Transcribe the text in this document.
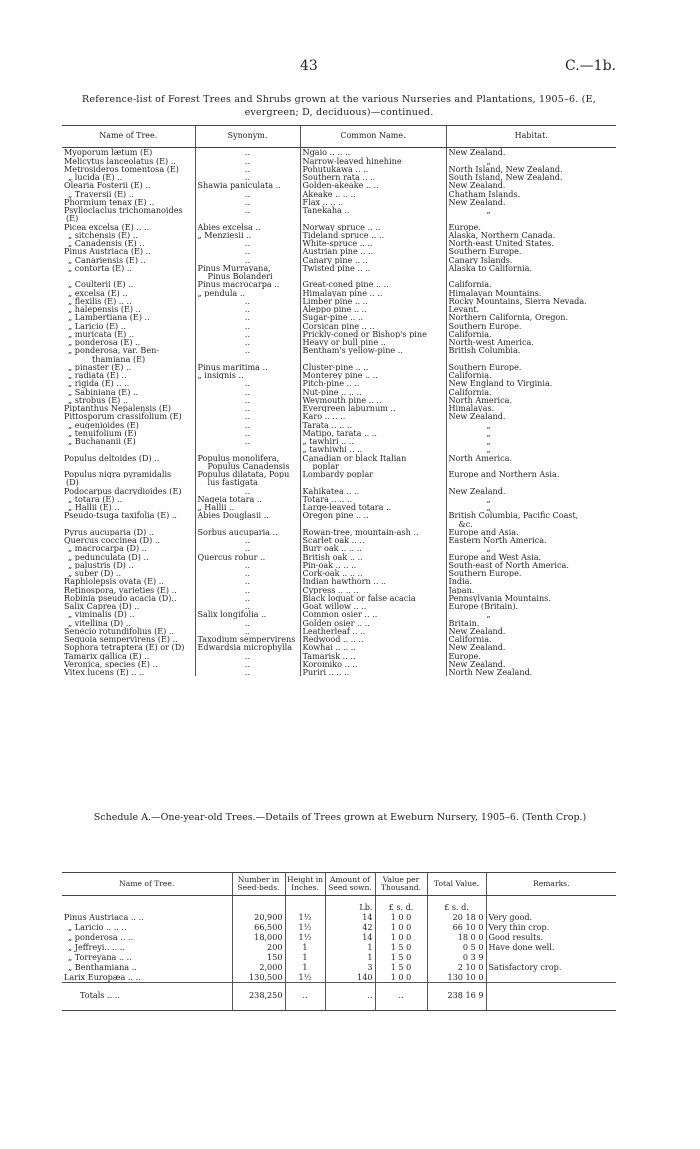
43	C.—1b.
Reference-list of Forest Trees and Shrubs grown at the various Nurseries and Plantations, 1905–6. (E, evergreen; D, deciduous)—continued.
Name of Tree.	Synonym.	Common Name.	Habitat.

Myoporum lætum (E)	..	Ngaio .. .. ..	New Zealand.
Melicytus lanceolatus (E) ..	..	Narrow-leaved hinehine	„
Metrosideros tomentosa (E)	..	Pohutukawa .. ..	North Island, New Zealand.
„ lucida (E) ..	..	Southern rata .. ..	South Island, New Zealand.
Olearia Fosterii (E) ..	Shawia paniculata ..	Golden-akeake .. ..	New Zealand.
„ Traversii (E) ..	..	Akeake .. .. ..	Chatham Islands.
Phormium tenax (E) ..	..	Flax .. .. ..	New Zealand.
Psylloclaclus trichomanoides	..	Tanekaha ..	„
(E)			
Picea excelsa (E) .. ..	Abies excelsa ..	Norway spruce .. ..	Europe.
„ sitchensis (E) ..	„ Menziesii ..	Tideland spruce .. ..	Alaska, Northern Canada.
„ Canadensis (E) ..	..	White-spruce .. ..	North-east United States.
Pinus Austriaca (E) ..	..	Austrian pine .. ..	Southern Europe.
„ Canariensis (E) ..	..	Canary pine .. ..	Canary Islands.
„ contorta (E) ..	Pinus Murrayana,	Twisted pine .. ..	Alaska to California.
	Pinus Bolanderi		
„ Coulterii (E) ..	Pinus macrocarpa ..	Great-coned pine .. ..	California.
„ excelsa (E) ..	„ pendula ..	Himalayan pine .. ..	Himalayan Mountains.
„ flexilis (E) .. ..	..	Limber pine .. ..	Rocky Mountains, Sierra Nevada.
„ halepensis (E) ..	..	Aleppo pine .. ..	Levant.
„ Lambertiana (E) ..	..	Sugar-pine .. ..	Northern California, Oregon.
„ Laricio (E) ..	..	Corsican pine .. ..	Southern Europe.
„ muricata (E) ..	..	Prickly-coned or Bishop's pine	California.
„ ponderosa (E) ..	..	Heavy or bull pine ..	North-west America.
„ ponderosa, var. Ben-	..	Bentham's yellow-pine ..	British Columbia.
thamiana (E)			
„ pinaster (E) ..	Pinus maritima ..	Cluster-pine .. ..	Southern Europe.
„ radiata (E) ..	„ insignis ..	Monterey pine .. ..	California.
„ rigida (E) .. ..	..	Pitch-pine .. ..	New England to Virginia.
„ Sabiniana (E) ..	..	Nut-pine .. .. ..	California.
„ strobus (E) ..	..	Weymouth pine .. ..	North America.
Piptanthus Nepalensis (E)	..	Evergreen laburnum ..	Himalayas.
Pittosporum crassifolium (E)	..	Karo .. .. ..	New Zealand.
„ eugenioides (E)	..	Tarata .. .. ..	„
„ tenuifolium (E)	..	Matipo, tarata .. ..	„
„ Buchananii (E)	..	„ tawhiri .. ..	„
		„ tawhiwhi .. ..	„
Populus deltoides (D) ..	Populus monolifera,	Canadian or black Italian	North America.
	Populus Canadensis	poplar	
Populus nigra pyramidalis	Populus dilatata, Popu	Lombardy poplar	Europe and Northern Asia.
(D)	lus fastigata		
Podocarpus dacrydioides (E)	..	Kahikatea .. ..	New Zealand.
„ totara (E) ..	Nageia totara ..	Totara .. .. ..	„
„ Hallii (E) ..	„ Hallii ..	Large-leaved totara ..	„
Pseudo-tsuga taxifolia (E) ..	Abies Douglasii ..	Oregon pine .. ..	British Columbia, Pacific Coast,
			&c.
Pyrus aucuparia (D) ..	Sorbus aucuparia ..	Rowan-tree, mountain-ash ..	Europe and Asia.
Quercus coccinea (D) ..	..	Scarlet oak .. ..	Eastern North America.
„ macrocarpa (D) ..	..	Burr oak .. .. ..	„
„ pedunculata (D) ..	Quercus robur ..	British oak .. ..	Europe and West Asia.
„ palustris (D) ..	..	Pin-oak .. .. ..	South-east of North America.
„ suber (D) ..	..	Cork-oak .. .. ..	Southern Europe.
Raphiolepsis ovata (E) ..	..	Indian hawthorn .. ..	India.
Retinospora, varieties (E) ..	..	Cypress .. .. ..	Japan.
Robinia pseudo acacia (D)..	..	Black loquat or false acacia	Pennsylvania Mountains.
Salix Caprea (D) ..	..	Goat willow .. ..	Europe (Britain).
„ viminalis (D) ..	Salix longifolia ..	Common osier .. ..	„
„ vitellina (D) ..	..	Golden osier .. ..	Britain.
Senecio rotundifolius (E) ..	..	Leatherleaf .. ..	New Zealand.
Sequoia sempervirens (E) ..	Taxodium sempervirens	Redwood .. .. ..	California.
Sophora tetraptera (E) or (D)	Edwardsia microphylla	Kowhai .. .. ..	New Zealand.
Tamarix gallica (E) ..	..	Tamarisk .. ..	Europe.
Veronica, species (E) ..	..	Koromiko .. ..	New Zealand.
Vitex lucens (E) .. ..	..	Puriri .. .. ..	North New Zealand.
Schedule A.—One-year-old Trees.—Details of Trees grown at Eweburn Nursery, 1905–6. (Tenth Crop.)
Name of Tree.	Number in Seed-beds.	Height in Inches.	Amount of Seed sown.	Value per Thousand.	Total Value.	Remarks.
			Lb.	£ s. d.	£ s. d.	
Pinus Austriaca .. ..	20,900	1½	14	1 0 0	20 18 0	Very good.
„ Laricio .. .. ..	66,500	1½	42	1 0 0	66 10 0	Very thin crop.
„ ponderosa .. ..	18,000	1½	14	1 0 0	18 0 0	Good results.
„ Jeffreyi.. .. ..	200	1	1	1 5 0	0 5 0	Have done well.
„ Torreyana .. ..	150	1	1	1 5 0	0 3 9	
„ Benthamiana ..	2,000	1	3	1 5 0	2 10 0	Satisfactory crop.
Larix Europæa .. ..	130,500	1½	140	1 0 0	130 10 0	
Totals .. ..	238,250	..	..	..	238 16 9	
